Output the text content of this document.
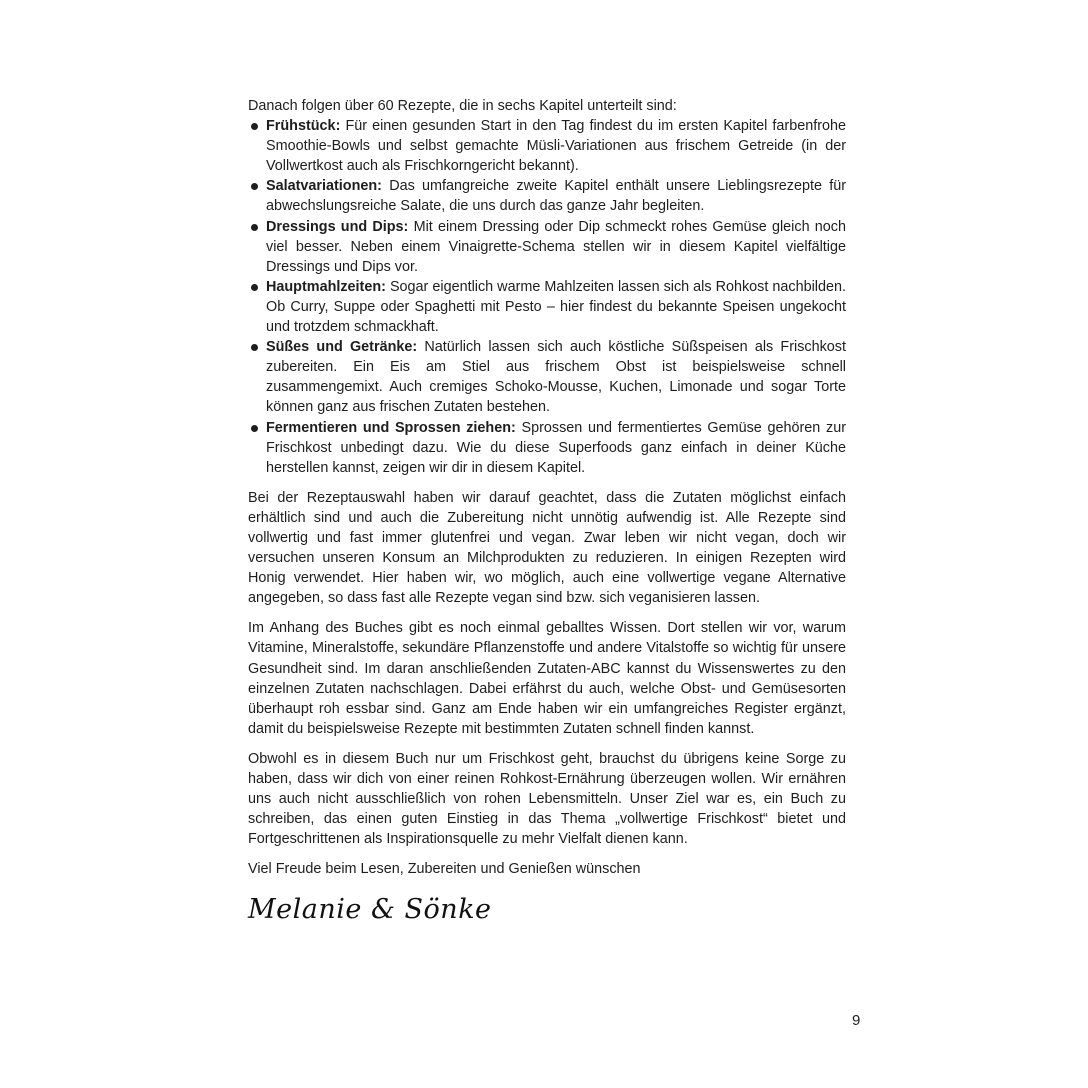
Danach folgen über 60 Rezepte, die in sechs Kapitel unterteilt sind:

Frühstück: Für einen gesunden Start in den Tag findest du im ersten Kapitel farbenfrohe Smoothie-Bowls und selbst gemachte Müsli-Variationen aus frischem Getreide (in der Vollwertkost auch als Frischkorngericht bekannt).
Salatvariationen: Das umfangreiche zweite Kapitel enthält unsere Lieblingsrezepte für abwechslungsreiche Salate, die uns durch das ganze Jahr begleiten.
Dressings und Dips: Mit einem Dressing oder Dip schmeckt rohes Gemüse gleich noch viel besser. Neben einem Vinaigrette-Schema stellen wir in diesem Kapitel vielfältige Dressings und Dips vor.
Hauptmahlzeiten: Sogar eigentlich warme Mahlzeiten lassen sich als Rohkost nachbilden. Ob Curry, Suppe oder Spaghetti mit Pesto – hier findest du bekannte Speisen ungekocht und trotzdem schmackhaft.
Süßes und Getränke: Natürlich lassen sich auch köstliche Süßspeisen als Frischkost zubereiten. Ein Eis am Stiel aus frischem Obst ist beispielsweise schnell zusammengemixt. Auch cremiges Schoko-Mousse, Kuchen, Limonade und sogar Torte können ganz aus frischen Zutaten bestehen.
Fermentieren und Sprossen ziehen: Sprossen und fermentiertes Gemüse gehören zur Frischkost unbedingt dazu. Wie du diese Superfoods ganz einfach in deiner Küche herstellen kannst, zeigen wir dir in diesem Kapitel.

Bei der Rezeptauswahl haben wir darauf geachtet, dass die Zutaten möglichst einfach erhältlich sind und auch die Zubereitung nicht unnötig aufwendig ist. Alle Rezepte sind vollwertig und fast immer glutenfrei und vegan. Zwar leben wir nicht vegan, doch wir versuchen unseren Konsum an Milchprodukten zu reduzieren. In einigen Rezepten wird Honig verwendet. Hier haben wir, wo möglich, auch eine vollwertige vegane Alternative angegeben, so dass fast alle Rezepte vegan sind bzw. sich veganisieren lassen.

Im Anhang des Buches gibt es noch einmal geballtes Wissen. Dort stellen wir vor, warum Vitamine, Mineralstoffe, sekundäre Pflanzenstoffe und andere Vitalstoffe so wichtig für unsere Gesundheit sind. Im daran anschließenden Zutaten-ABC kannst du Wissenswertes zu den einzelnen Zutaten nachschlagen. Dabei erfährst du auch, welche Obst- und Gemüsesorten überhaupt roh essbar sind. Ganz am Ende haben wir ein umfangreiches Register ergänzt, damit du beispielsweise Rezepte mit bestimmten Zutaten schnell finden kannst.

Obwohl es in diesem Buch nur um Frischkost geht, brauchst du übrigens keine Sorge zu haben, dass wir dich von einer reinen Rohkost-Ernährung überzeugen wollen. Wir ernähren uns auch nicht ausschließlich von rohen Lebensmitteln. Unser Ziel war es, ein Buch zu schreiben, das einen guten Einstieg in das Thema „vollwertige Frischkost“ bietet und Fortgeschrittenen als Inspirationsquelle zu mehr Vielfalt dienen kann.

Viel Freude beim Lesen, Zubereiten und Genießen wünschen

Melanie & Sönke
9
